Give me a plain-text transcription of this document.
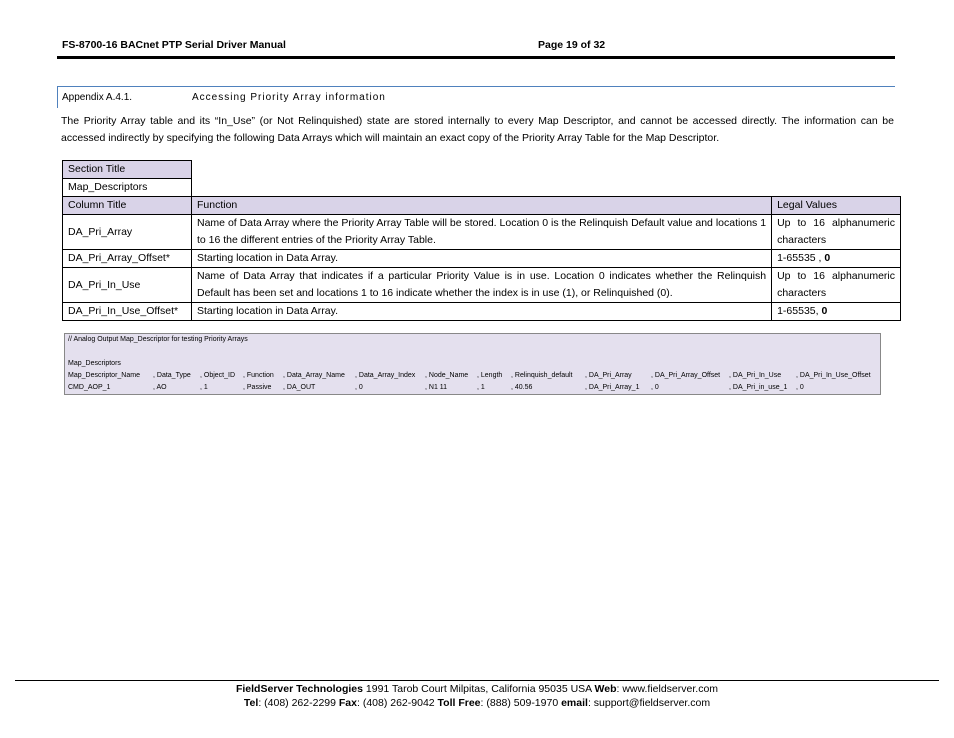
FS-8700-16 BACnet PTP Serial Driver Manual	Page 19 of 32
Appendix A.4.1.	Accessing Priority Array information

The Priority Array table and its “In_Use” (or Not Relinquished) state are stored internally to every Map Descriptor, and cannot be accessed directly. The information can be accessed indirectly by specifying the following Data Arrays which will maintain an exact copy of the Priority Array Table for the Map Descriptor.

Section Title		
Map_Descriptors		
Column Title	Function	Legal Values
DA_Pri_Array	Name of Data Array where the Priority Array Table will be stored. Location 0 is the Relinquish Default value and locations 1 to 16 the different entries of the Priority Array Table.	Up to 16 alphanumeric characters
DA_Pri_Array_Offset*	Starting location in Data Array.	1-65535 , 0
DA_Pri_In_Use	Name of Data Array that indicates if a particular Priority Value is in use. Location 0 indicates whether the Relinquish Default has been set and locations 1 to 16 indicate whether the index is in use (1), or Relinquished (0).	Up to 16 alphanumeric characters
DA_Pri_In_Use_Offset*	Starting location in Data Array.	1-65535, 0
// Analog Output Map_Descriptor for testing Priority Arrays
Map_Descriptors
Map_Descriptor_Name , Data_Type , Object_ID , Function , Data_Array_Name , Data_Array_Index , Node_Name , Length , Relinquish_default , DA_Pri_Array	, DA_Pri_Array_Offset , DA_Pri_In_Use , DA_Pri_In_Use_Offset
CMD_AOP_1	, AO	, 1	, Passive , DA_OUT	, 0	, N1 11	, 1	, 40.56	, DA_Pri_Array_1 , 0	, DA_Pri_in_use_1 , 0
FieldServer Technologies 1991 Tarob Court Milpitas, California 95035 USA Web: www.fieldserver.com
Tel: (408) 262-2299 Fax: (408) 262-9042 Toll Free: (888) 509-1970 email: support@fieldserver.com
